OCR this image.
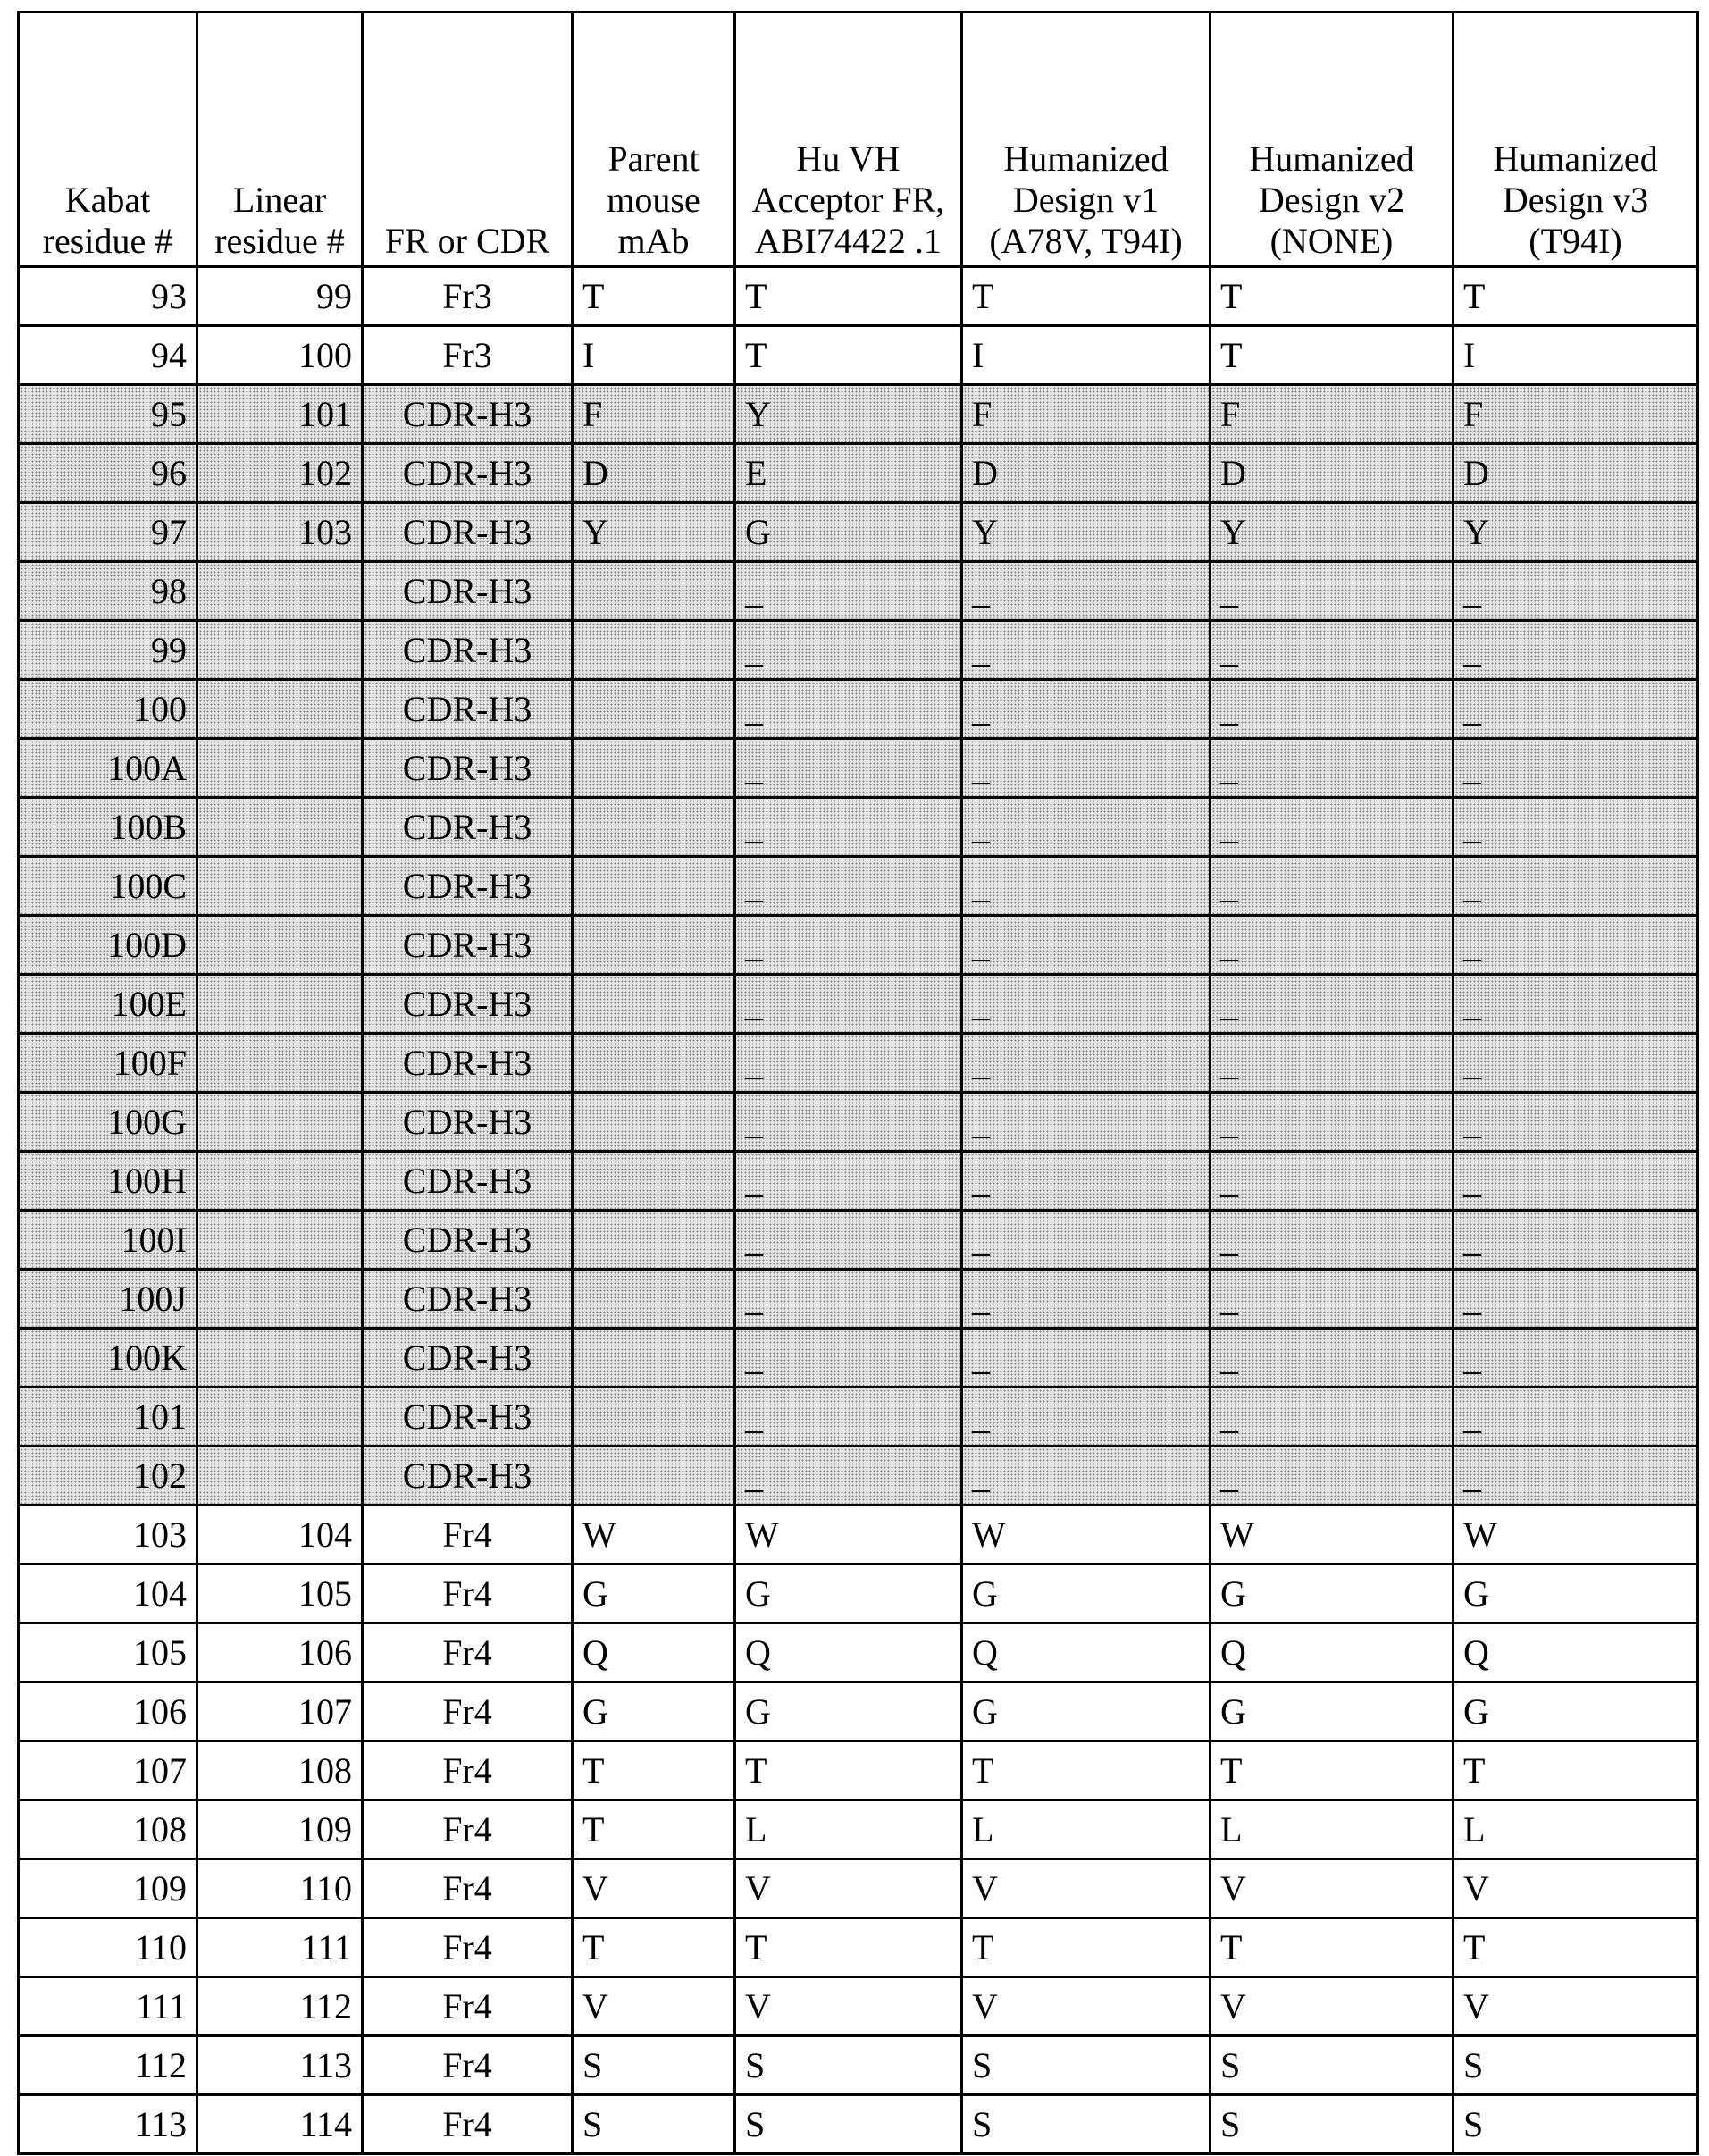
Kabat residue #	Linear residue #	FR or CDR	Parent mouse mAb	Hu VH Acceptor FR, ABI74422 .1	Humanized Design v1 (A78V, T94I)	Humanized Design v2 (NONE)	Humanized Design v3 (T94I)
93	99	Fr3	T	T	T	T	T
94	100	Fr3	I	T	I	T	I
95	101	CDR-H3	F	Y	F	F	F
96	102	CDR-H3	D	E	D	D	D
97	103	CDR-H3	Y	G	Y	Y	Y
98		CDR-H3		_	_	_	_
99		CDR-H3		_	_	_	_
100		CDR-H3		_	_	_	_
100A		CDR-H3		_	_	_	_
100B		CDR-H3		_	_	_	_
100C		CDR-H3		_	_	_	_
100D		CDR-H3		_	_	_	_
100E		CDR-H3		_	_	_	_
100F		CDR-H3		_	_	_	_
100G		CDR-H3		_	_	_	_
100H		CDR-H3		_	_	_	_
100I		CDR-H3		_	_	_	_
100J		CDR-H3		_	_	_	_
100K		CDR-H3		_	_	_	_
101		CDR-H3		_	_	_	_
102		CDR-H3		_	_	_	_
103	104	Fr4	W	W	W	W	W
104	105	Fr4	G	G	G	G	G
105	106	Fr4	Q	Q	Q	Q	Q
106	107	Fr4	G	G	G	G	G
107	108	Fr4	T	T	T	T	T
108	109	Fr4	T	L	L	L	L
109	110	Fr4	V	V	V	V	V
110	111	Fr4	T	T	T	T	T
111	112	Fr4	V	V	V	V	V
112	113	Fr4	S	S	S	S	S
113	114	Fr4	S	S	S	S	S
